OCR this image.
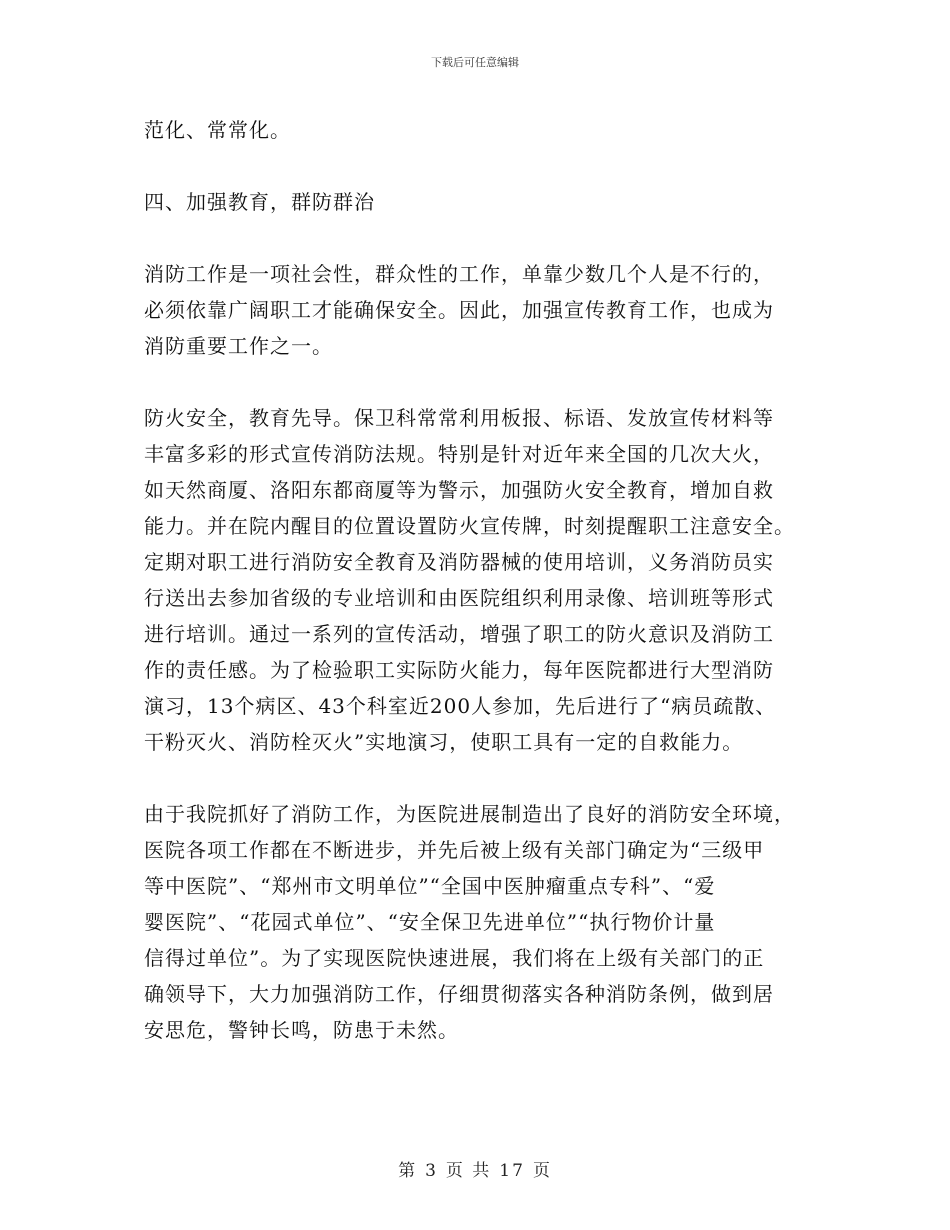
下载后可任意编辑
范化、常常化。
四、加强教育，群防群治
消防工作是一项社会性，群众性的工作，单靠少数几个人是不行的，
必须依靠广阔职工才能确保安全。因此，加强宣传教育工作，也成为
消防重要工作之一。
防火安全，教育先导。保卫科常常利用板报、标语、发放宣传材料等
丰富多彩的形式宣传消防法规。特别是针对近年来全国的几次大火，
如天然商厦、洛阳东都商厦等为警示，加强防火安全教育，增加自救
能力。并在院内醒目的位置设置防火宣传牌，时刻提醒职工注意安全。
定期对职工进行消防安全教育及消防器械的使用培训，义务消防员实
行送出去参加省级的专业培训和由医院组织利用录像、培训班等形式
进行培训。通过一系列的宣传活动，增强了职工的防火意识及消防工
作的责任感。为了检验职工实际防火能力，每年医院都进行大型消防
演习，13个病区、43个科室近200人参加，先后进行了“病员疏散、
干粉灭火、消防栓灭火”实地演习，使职工具有一定的自救能力。
由于我院抓好了消防工作，为医院进展制造出了良好的消防安全环境，
医院各项工作都在不断进步，并先后被上级有关部门确定为“三级甲
等中医院”、“郑州市文明单位”“全国中医肿瘤重点专科”、“爱
婴医院”、“花园式单位”、“安全保卫先进单位”“执行物价计量
信得过单位”。为了实现医院快速进展，我们将在上级有关部门的正
确领导下，大力加强消防工作，仔细贯彻落实各种消防条例，做到居
安思危，警钟长鸣，防患于未然。
第 3 页 共 17 页
